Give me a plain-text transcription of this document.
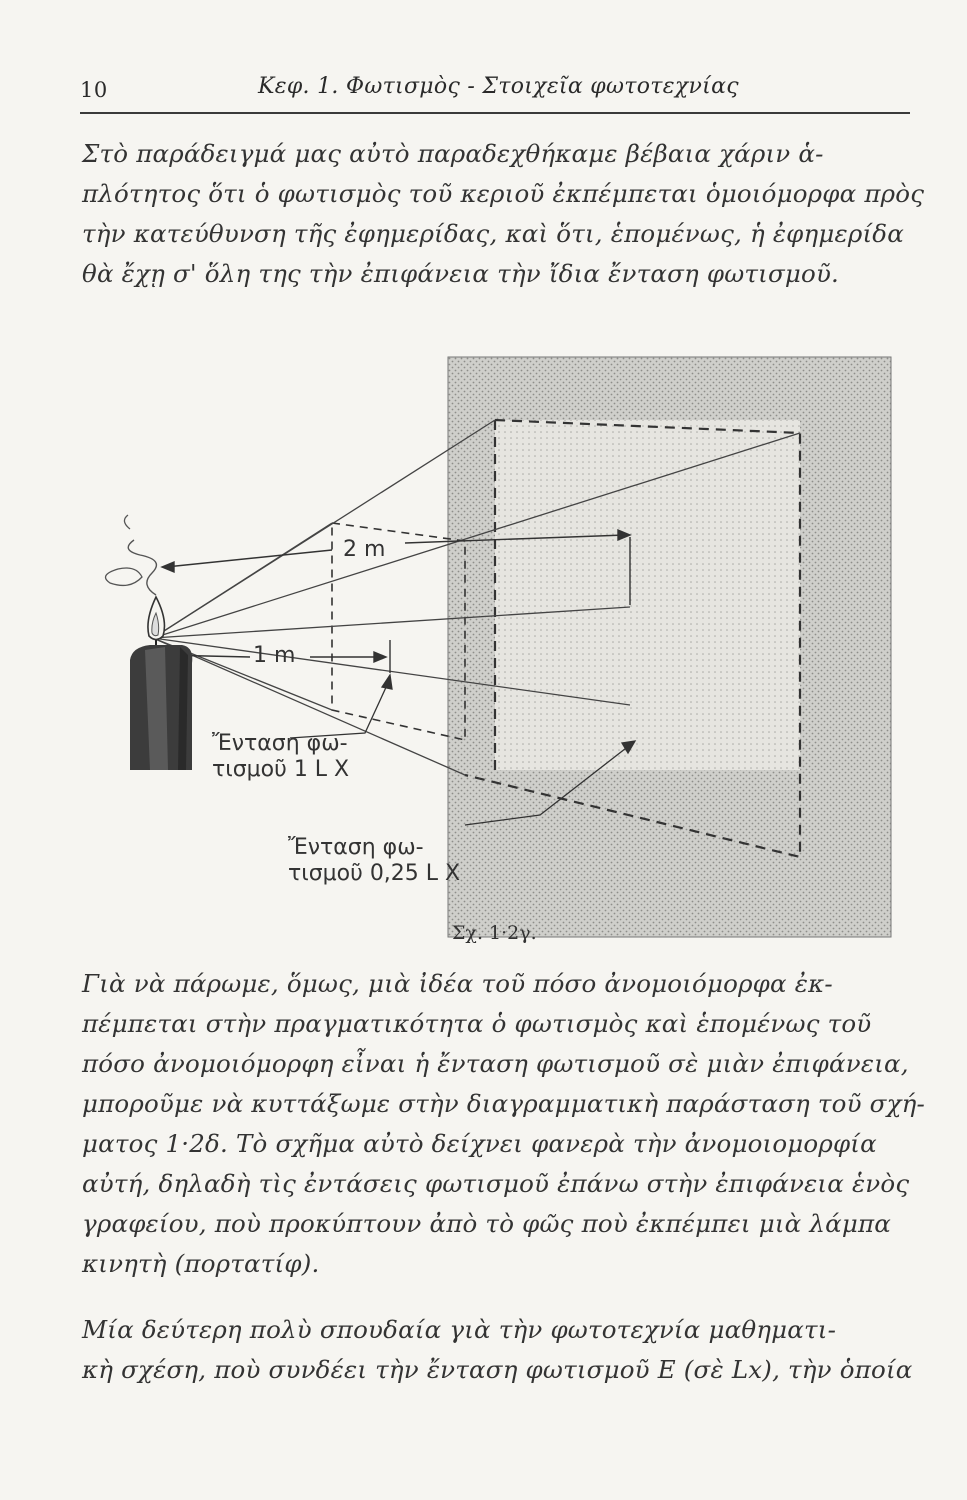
10	Κεφ. 1. Φωτισμὸς - Στοιχεῖα φωτοτεχνίας
Στὸ παράδειγμά μας αὐτὸ παραδεχθήκαμε βέβαια χάριν ἁ-
πλότητος ὅτι ὁ φωτισμὸς τοῦ κεριοῦ ἐκπέμπεται ὁμοιόμορφα πρὸς
τὴν κατεύθυνση τῆς ἐφημερίδας, καὶ ὅτι, ἑπομένως, ἡ ἐφημερίδα
θὰ ἔχῃ σ' ὅλη της τὴν ἐπιφάνεια τὴν ἴδια ἔνταση φωτισμοῦ.
2 m
1 m
Ἔνταση φω-
τισμοῦ 1 L X
Ἔνταση φω-
τισμοῦ 0,25 L X
Σχ. 1·2γ.
Γιὰ νὰ πάρωμε, ὅμως, μιὰ ἰδέα τοῦ πόσο ἀνομοιόμορφα ἐκ-
πέμπεται στὴν πραγματικότητα ὁ φωτισμὸς καὶ ἑπομένως τοῦ
πόσο ἀνομοιόμορφη εἶναι ἡ ἔνταση φωτισμοῦ σὲ μιὰν ἐπιφάνεια,
μποροῦμε νὰ κυττάξωμε στὴν διαγραμματικὴ παράσταση τοῦ σχή-
ματος 1·2δ. Τὸ σχῆμα αὐτὸ δείχνει φανερὰ τὴν ἀνομοιομορφία
αὐτή, δηλαδὴ τὶς ἐντάσεις φωτισμοῦ ἐπάνω στὴν ἐπιφάνεια ἑνὸς
γραφείου, ποὺ προκύπτουν ἀπὸ τὸ φῶς ποὺ ἐκπέμπει μιὰ λάμπα
κινητὴ (πορτατίφ).
Μία δεύτερη πολὺ σπουδαία γιὰ τὴν φωτοτεχνία μαθηματι-
κὴ σχέση, ποὺ συνδέει τὴν ἔνταση φωτισμοῦ E (σὲ Lx), τὴν ὁποία
